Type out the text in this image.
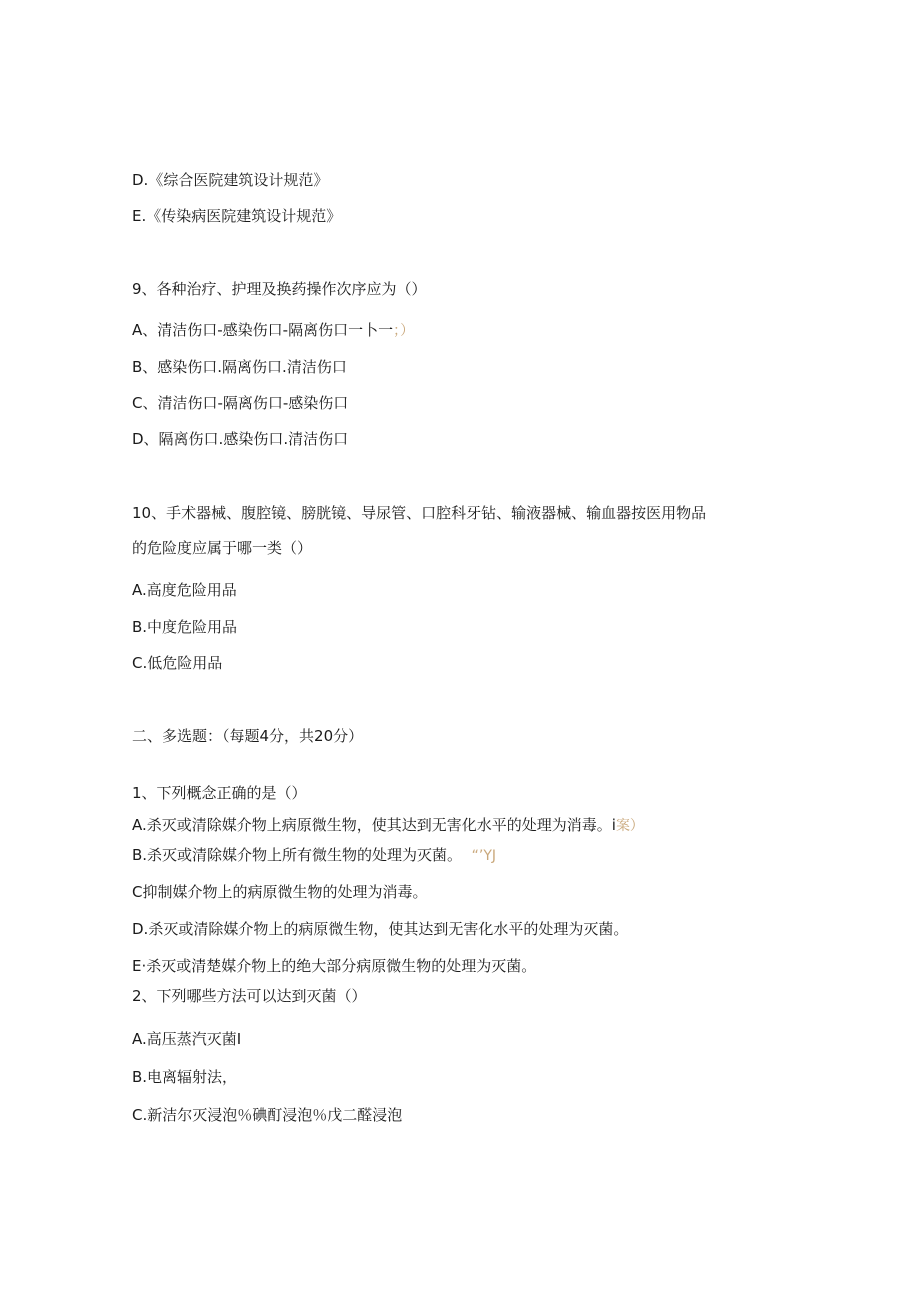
D.《综合医院建筑设计规范》
E.《传染病医院建筑设计规范》
9、各种治疗、护理及换药操作次序应为（）
A、清洁伤口-感染伤口-隔离伤口一卜一；）
B、感染伤口.隔离伤口.清洁伤口
C、清洁伤口-隔离伤口-感染伤口
D、隔离伤口.感染伤口.清洁伤口
10、手术器械、腹腔镜、膀胱镜、导尿管、口腔科牙钻、输液器械、输血器按医用物品
的危险度应属于哪一类（）
A.高度危险用品
B.中度危险用品
C.低危险用品
二、多选题：（每题4分，共20分）
1、下列概念正确的是（）
A.杀灭或清除媒介物上病原微生物，使其达到无害化水平的处理为消毒。i案）
B.杀灭或清除媒介物上所有微生物的处理为灭菌。 “’YJ
C抑制媒介物上的病原微生物的处理为消毒。
D.杀灭或清除媒介物上的病原微生物，使其达到无害化水平的处理为灭菌。
E·杀灭或清楚媒介物上的绝大部分病原微生物的处理为灭菌。
2、下列哪些方法可以达到灭菌（）
A.高压蒸汽灭菌I
B.电离辐射法，
C.新洁尔灭浸泡％碘酊浸泡％戊二醛浸泡
